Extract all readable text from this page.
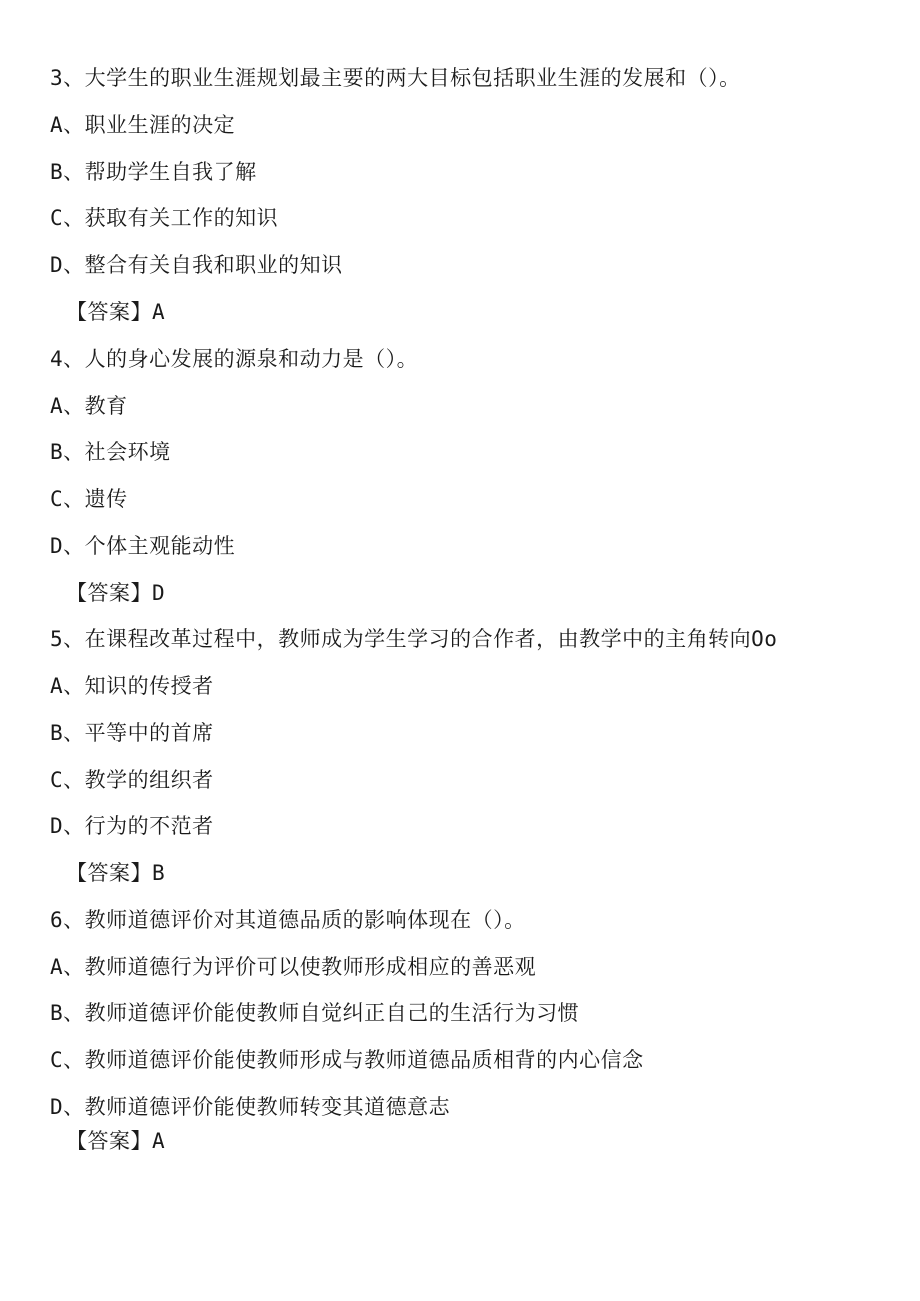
3、大学生的职业生涯规划最主要的两大目标包括职业生涯的发展和（）。
A、职业生涯的决定
B、帮助学生自我了解
C、获取有关工作的知识
D、整合有关自我和职业的知识
【答案】A
4、人的身心发展的源泉和动力是（）。
A、教育
B、社会环境
C、遗传
D、个体主观能动性
【答案】D
5、在课程改革过程中，教师成为学生学习的合作者，由教学中的主角转向Oo
A、知识的传授者
B、平等中的首席
C、教学的组织者
D、行为的不范者
【答案】B
6、教师道德评价对其道德品质的影响体现在（）。
A、教师道德行为评价可以使教师形成相应的善恶观
B、教师道德评价能使教师自觉纠正自己的生活行为习惯
C、教师道德评价能使教师形成与教师道德品质相背的内心信念
D、教师道德评价能使教师转变其道德意志
【答案】A
